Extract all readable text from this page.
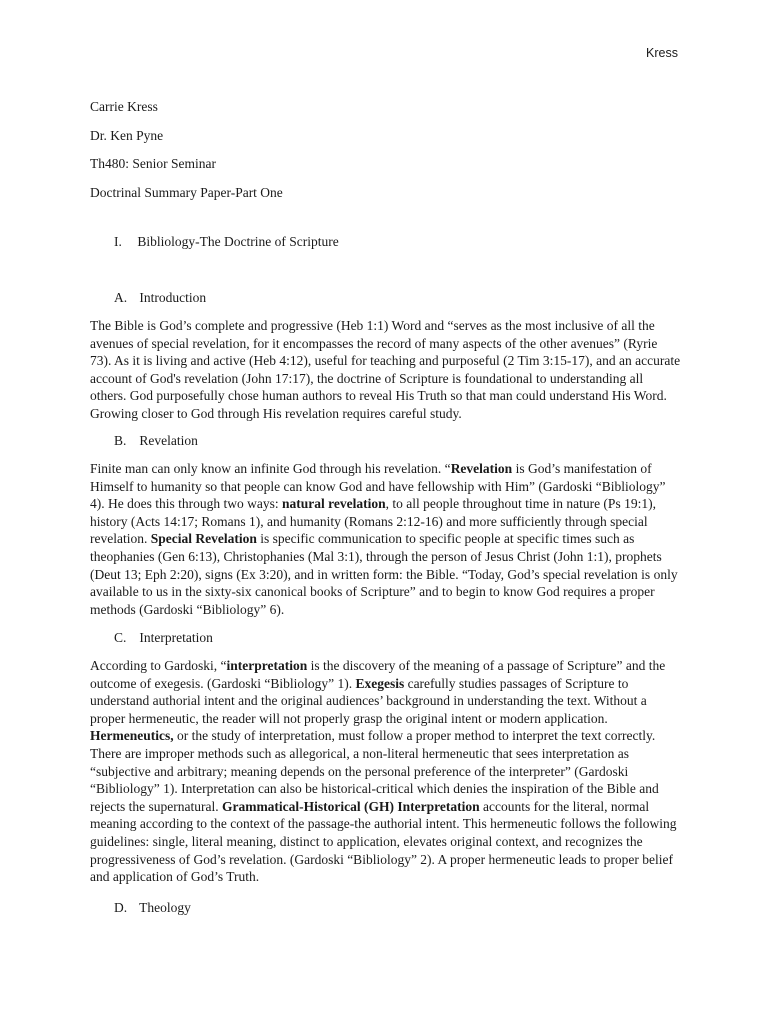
Kress

Carrie Kress

Dr. Ken Pyne

Th480: Senior Seminar

Doctrinal Summary Paper-Part One

I. Bibliology-The Doctrine of Scripture
A. Introduction

The Bible is God’s complete and progressive (Heb 1:1) Word and “serves as the most inclusive of all the avenues of special revelation, for it encompasses the record of many aspects of the other avenues” (Ryrie 73). As it is living and active (Heb 4:12), useful for teaching and purposeful (2 Tim 3:15-17), and an accurate account of God's revelation (John 17:17), the doctrine of Scripture is foundational to understanding all others. God purposefully chose human authors to reveal His Truth so that man could understand His Word. Growing closer to God through His revelation requires careful study.

B. Revelation

Finite man can only know an infinite God through his revelation. “Revelation is God’s manifestation of Himself to humanity so that people can know God and have fellowship with Him” (Gardoski “Bibliology” 4). He does this through two ways: natural revelation, to all people throughout time in nature (Ps 19:1), history (Acts 14:17; Romans 1), and humanity (Romans 2:12-16) and more sufficiently through special revelation. Special Revelation is specific communication to specific people at specific times such as theophanies (Gen 6:13), Christophanies (Mal 3:1), through the person of Jesus Christ (John 1:1), prophets (Deut 13; Eph 2:20), signs (Ex 3:20), and in written form: the Bible. “Today, God’s special revelation is only available to us in the sixty-six canonical books of Scripture” and to begin to know God requires a proper methods (Gardoski “Bibliology” 6).

C. Interpretation

According to Gardoski, “interpretation is the discovery of the meaning of a passage of Scripture” and the outcome of exegesis. (Gardoski “Bibliology” 1). Exegesis carefully studies passages of Scripture to understand authorial intent and the original audiences’ background in understanding the text. Without a proper hermeneutic, the reader will not properly grasp the original intent or modern application. Hermeneutics, or the study of interpretation, must follow a proper method to interpret the text correctly. There are improper methods such as allegorical, a non-literal hermeneutic that sees interpretation as “subjective and arbitrary; meaning depends on the personal preference of the interpreter” (Gardoski “Bibliology” 1). Interpretation can also be historical-critical which denies the inspiration of the Bible and rejects the supernatural. Grammatical-Historical (GH) Interpretation accounts for the literal, normal meaning according to the context of the passage-the authorial intent. This hermeneutic follows the following guidelines: single, literal meaning, distinct to application, elevates original context, and recognizes the progressiveness of God’s revelation. (Gardoski “Bibliology” 2). A proper hermeneutic leads to proper belief and application of God’s Truth.

D. Theology
